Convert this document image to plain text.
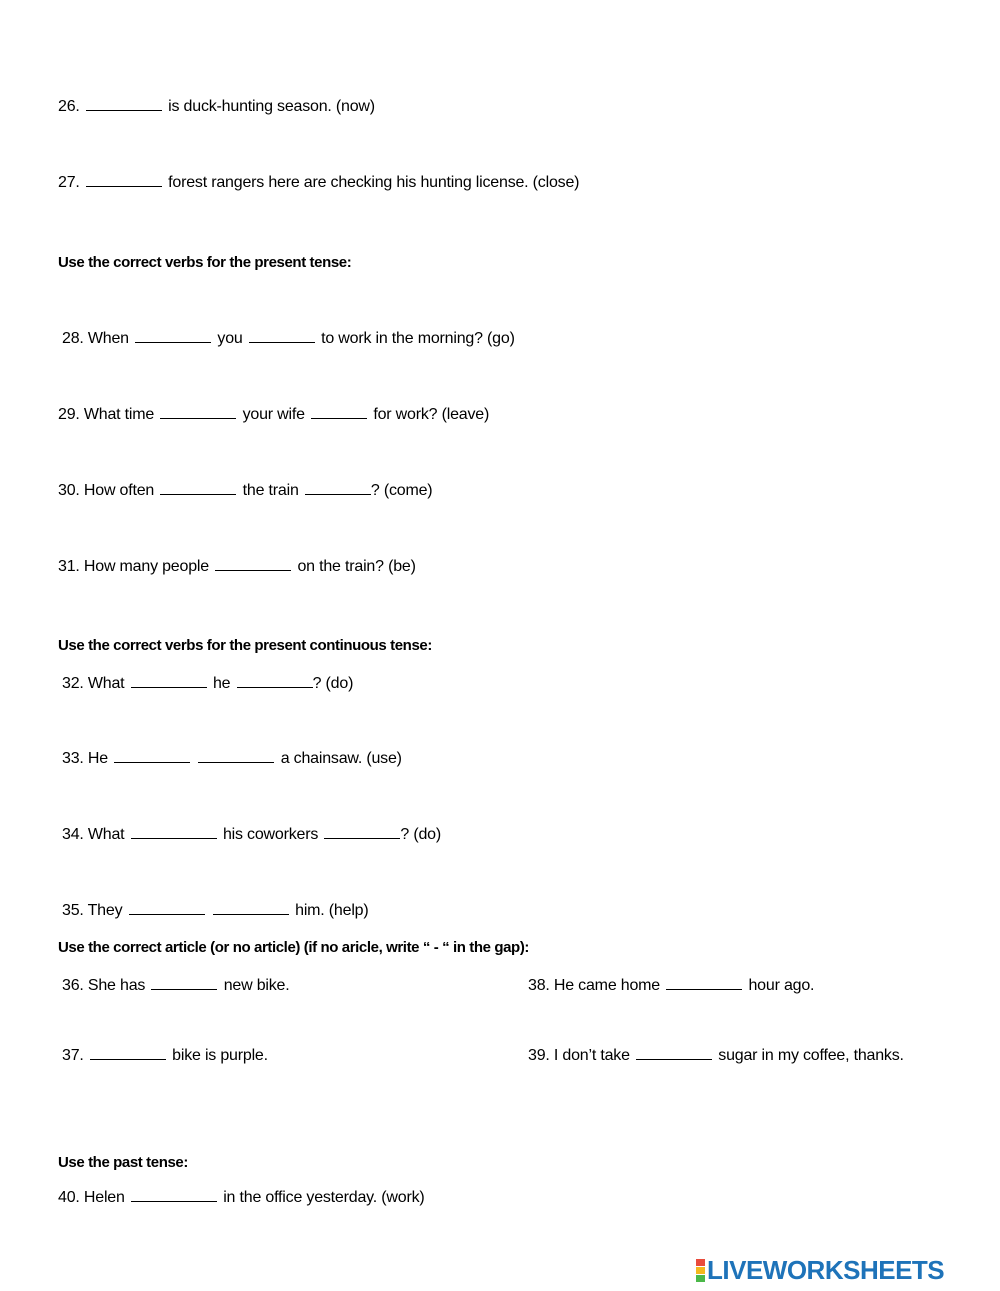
26.	is duck-hunting season. (now)
27.	forest rangers here are checking his hunting license. (close)
Use the correct verbs for the present tense:
28. When	you	to work in the morning? (go)
29. What time	your wife	for work? (leave)
30. How often	the train	? (come)
31. How many people	on the train? (be)
Use the correct verbs for the present continuous tense:
32. What	he	? (do)
33. He	a chainsaw. (use)
34. What	his coworkers	? (do)
35. They	him. (help)
Use the correct article (or no article) (if no aricle, write “ - “ in the gap):
36. She has	new bike.	38. He came home	hour ago.
37.	bike is purple.	39. I don’t take	sugar in my coffee, thanks.
Use the past tense:
40. Helen	in the office yesterday. (work)
LIVEWORKSHEETS
